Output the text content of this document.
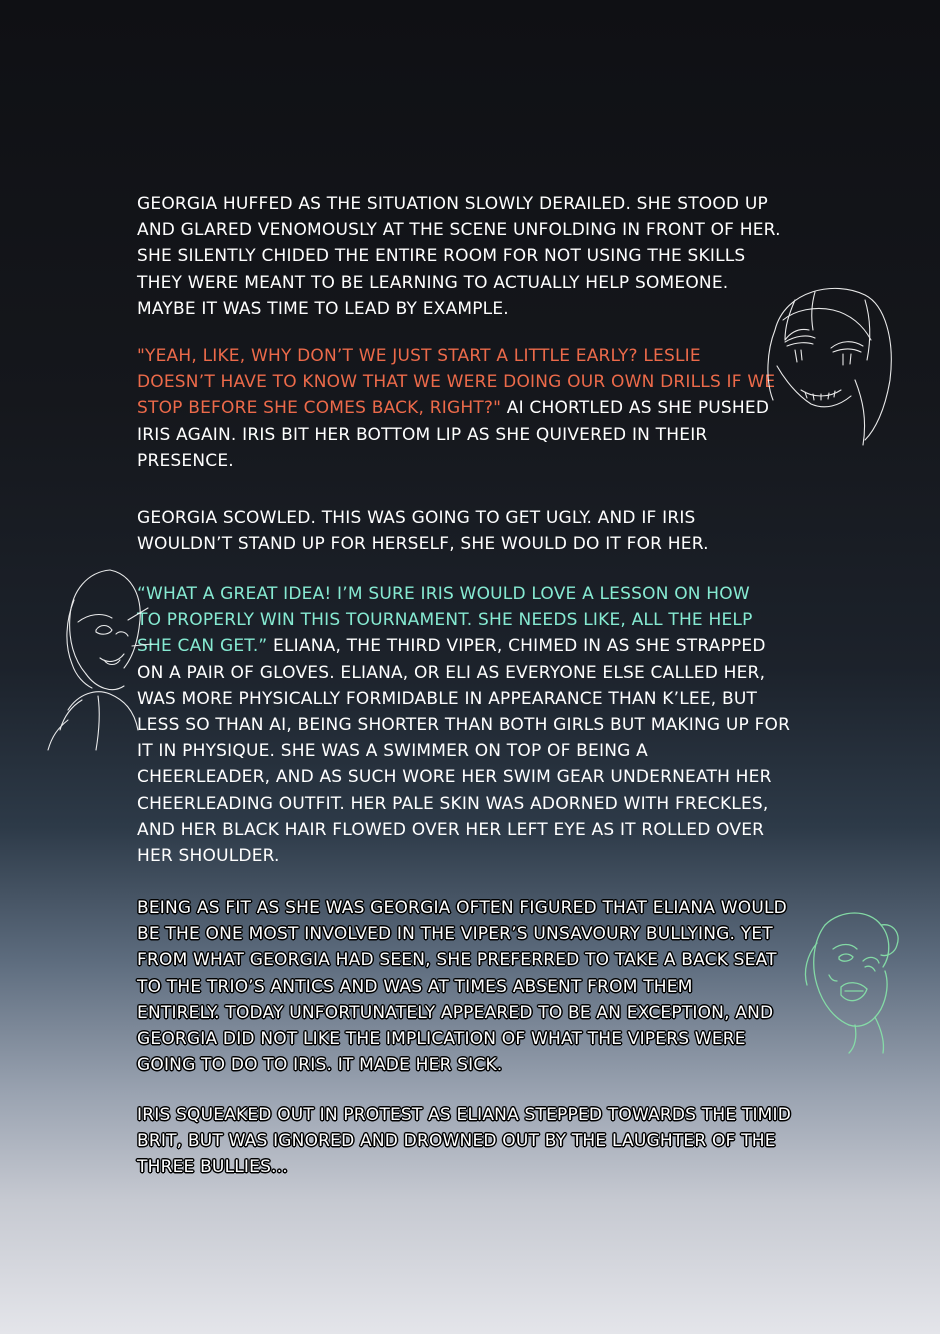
GEORGIA HUFFED AS THE SITUATION SLOWLY DERAILED. SHE STOOD UP
AND GLARED VENOMOUSLY AT THE SCENE UNFOLDING IN FRONT OF HER.
SHE SILENTLY CHIDED THE ENTIRE ROOM FOR NOT USING THE SKILLS
THEY WERE MEANT TO BE LEARNING TO ACTUALLY HELP SOMEONE.
MAYBE IT WAS TIME TO LEAD BY EXAMPLE.

"YEAH, LIKE, WHY DON’T WE JUST START A LITTLE EARLY? LESLIE
DOESN’T HAVE TO KNOW THAT WE WERE DOING OUR OWN DRILLS IF WE
STOP BEFORE SHE COMES BACK, RIGHT?" AI CHORTLED AS SHE PUSHED
IRIS AGAIN. IRIS BIT HER BOTTOM LIP AS SHE QUIVERED IN THEIR
PRESENCE.

GEORGIA SCOWLED. THIS WAS GOING TO GET UGLY. AND IF IRIS
WOULDN’T STAND UP FOR HERSELF, SHE WOULD DO IT FOR HER.

“WHAT A GREAT IDEA! I’M SURE IRIS WOULD LOVE A LESSON ON HOW
TO PROPERLY WIN THIS TOURNAMENT. SHE NEEDS LIKE, ALL THE HELP
SHE CAN GET.” ELIANA, THE THIRD VIPER, CHIMED IN AS SHE STRAPPED
ON A PAIR OF GLOVES. ELIANA, OR ELI AS EVERYONE ELSE CALLED HER,
WAS MORE PHYSICALLY FORMIDABLE IN APPEARANCE THAN K’LEE, BUT
LESS SO THAN AI, BEING SHORTER THAN BOTH GIRLS BUT MAKING UP FOR
IT IN PHYSIQUE. SHE WAS A SWIMMER ON TOP OF BEING A
CHEERLEADER, AND AS SUCH WORE HER SWIM GEAR UNDERNEATH HER
CHEERLEADING OUTFIT. HER PALE SKIN WAS ADORNED WITH FRECKLES,
AND HER BLACK HAIR FLOWED OVER HER LEFT EYE AS IT ROLLED OVER
HER SHOULDER.

BEING AS FIT AS SHE WAS GEORGIA OFTEN FIGURED THAT ELIANA WOULD
BE THE ONE MOST INVOLVED IN THE VIPER’S UNSAVOURY BULLYING. YET
FROM WHAT GEORGIA HAD SEEN, SHE PREFERRED TO TAKE A BACK SEAT
TO THE TRIO’S ANTICS AND WAS AT TIMES ABSENT FROM THEM
ENTIRELY. TODAY UNFORTUNATELY APPEARED TO BE AN EXCEPTION, AND
GEORGIA DID NOT LIKE THE IMPLICATION OF WHAT THE VIPERS WERE
GOING TO DO TO IRIS. IT MADE HER SICK.

IRIS SQUEAKED OUT IN PROTEST AS ELIANA STEPPED TOWARDS THE TIMID
BRIT, BUT WAS IGNORED AND DROWNED OUT BY THE LAUGHTER OF THE
THREE BULLIES...
